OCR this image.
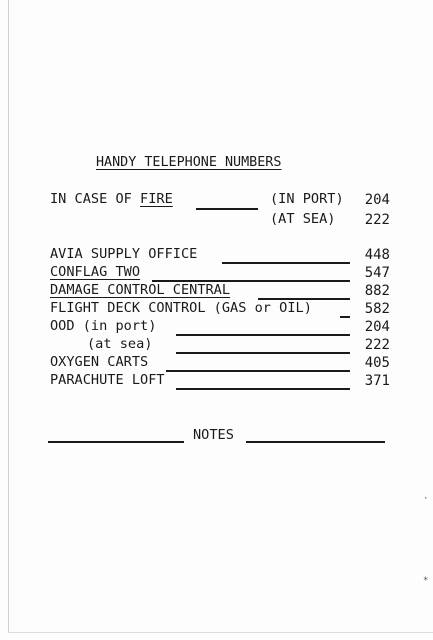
HANDY TELEPHONE NUMBERS
IN CASE OF FIRE	(IN PORT)	204
(AT SEA)	222
AVIA SUPPLY OFFICE	448
CONFLAG TWO	547
DAMAGE CONTROL CENTRAL	882
FLIGHT DECK CONTROL (GAS or OIL)	582
OOD (in port)	204
(at sea)	222
OXYGEN CARTS	405
PARACHUTE LOFT	371
NOTES
·
*
